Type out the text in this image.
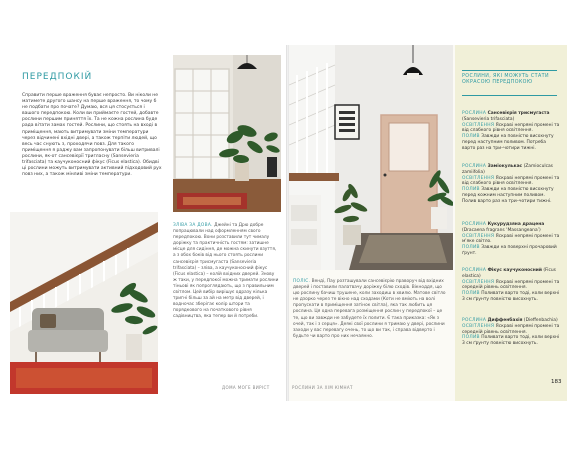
ПЕРЕДПОКІЙ

Справити перше враження буває непросто. Ви ніколи не матимете другого шансу на перше враження, то чому б не подбати про почате? Думаю, вся ця стосується і вашого передпокою. Коли ви приймаєте гостей, добавте рослини першим приняття їх. Та не кожна рослина буде рада вітати замах гостей. Рослини, що стоять на вході в приміщення, мають витримувати зміни температури через відчинені вхідні двері, а також терпіти людей, що весь час снують з, проходячи повз. Для такого приміщення я раджу вам запропонувати більш витривалі рослини, як-от сансевієрії тригласну (Sansevieria trifasciata) та каучуконосний фікус (Ficus elastica). Обидві ці рослини можуть витримувати активний підходовий рух повз них, а також мінливі зміни температури.

ЗЛІВА ЗА ДОВА. Джейні та Дрю добре попрацювали над оформленням свого передпокою. Вони розставили тут чималу доріжку та практичність гостям: затишне місце для сидіння, де можна скинути взуття, а з обох боків від нього стоять рослини сансевієрія трисмугаста (Sansevieria trifasciata) – зліва, а каучуконосний фікус (Ficus elastica) – колій вхідних дверей. Знову ж таки, у передпокої можна тримати рослини тіньові як попроглядають, що з правильним світлом. Цей вибір вирішує одразу кілька тригні більш за ай на метр від дверей, і водночас зберігає колір штори та порядкового на початкового рівня садівництва, яка тепер ви й потреби.

ДОМА МОГЕ ВИРІСТ

ПОЛІС. Венді, Пау розташували сансевієрію праворуч від вхідних дверей і поставили палатвачу доріжку білю сходів. Вікноддя, що цю рослину бачиш трушене, коли заходиш в хвилю. Матове світло не дзорко через те вікно над сходами (Коти не вміють на волі пропускати в приміщення затінок світла), яка так любить ця рослина. Ця одна перевага розміщення рослин у передпокої – це те, що ви завжди не забудете їх полити. Є така приказка: «Як з очей, так і з серця». Деякі свої рослини я тримаю у двері, рослини заходи у вас перевагу очень, то що ви так, і справа відверто і будьте чи варто про них нечаянно.

РОСЛИНИ ЗА ХІМ КІМНАТ

РОСЛИНИ, ЯКІ МОЖУТЬ СТАТИ ОКРАСОЮ ПЕРЕДПОКОЮ

РОСЛИНА Сансевієрія трисмугаста (Sansevieria trifasciata)
ОСВІТЛЕННЯ Яскраві непрямі промені та від слабкого рівня освітлення.
ПОЛИВ Завжди на повністю висохнуту перед наступним поливом. Потреба варто раз на три–чотири тижні.

РОСЛИНА Заміокулькас (Zamioculcas zamiifolia)
ОСВІТЛЕННЯ Яскраві непрямі промені та від слабкого рівня освітлення.
ПОЛИВ Завжди на повністю висохнуту перед кожним наступним поливом. Полив варто раз на три–чотири тижні.

РОСЛИНА Кукурудзяна драцена (Dracaena fragrans ‘Massangeana’)
ОСВІТЛЕННЯ Яскраві непрямі промені та м'яке світло.
ПОЛИВ Завжди на поверхні прочаровий ґрунт.

РОСЛИНА Фікус каучуконосний (Ficus elastica)
ОСВІТЛЕННЯ Яскраві непрямі промені та середній рівень освітлення.
ПОЛИВ Поливати варто тоді, коли верхні 3 см ґрунту повністю висохнуть.

РОСЛИНА Диффенбахія (Dieffenbachia)
ОСВІТЛЕННЯ Яскраві непрямі промені та середній рівень освітлення.
ПОЛИВ Поливати варто тоді, коли верхні 3 см ґрунту повністю висохнуть.

183
